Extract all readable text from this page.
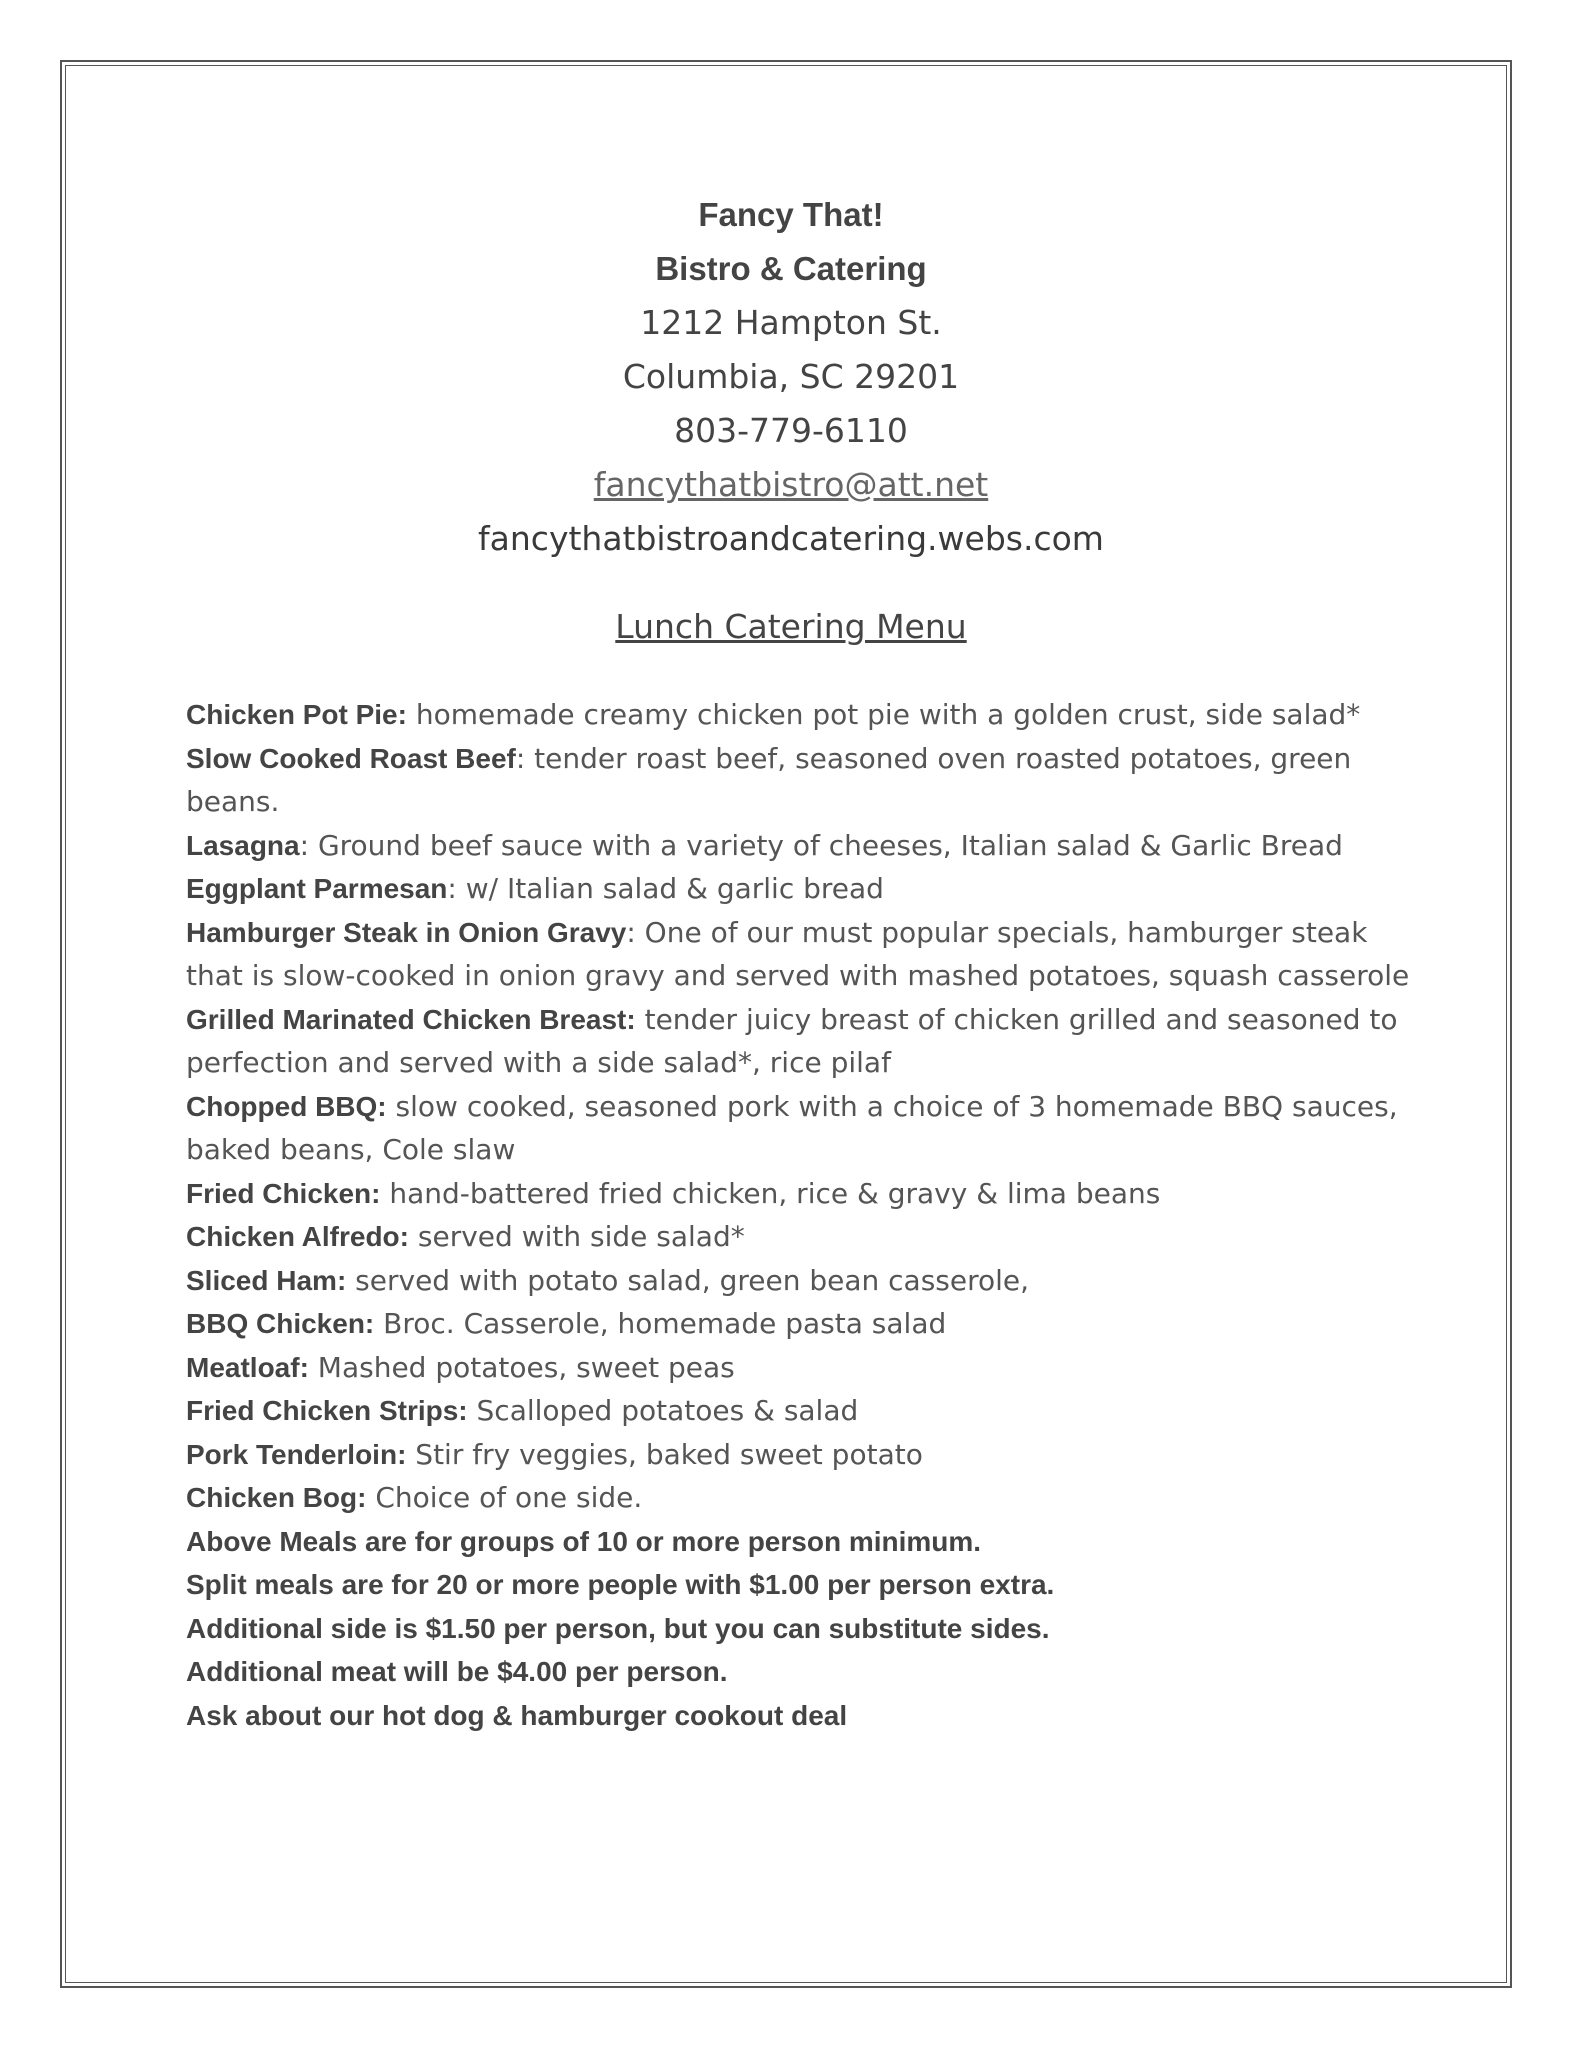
Fancy That!
Bistro & Catering
1212 Hampton St.
Columbia, SC 29201
803-779-6110
fancythatbistro@att.net
fancythatbistroandcatering.webs.com
Lunch Catering Menu

Chicken Pot Pie: homemade creamy chicken pot pie with a golden crust, side salad*

Slow Cooked Roast Beef: tender roast beef, seasoned oven roasted potatoes, green beans.

Lasagna: Ground beef sauce with a variety of cheeses, Italian salad & Garlic Bread

Eggplant Parmesan: w/ Italian salad & garlic bread

Hamburger Steak in Onion Gravy: One of our must popular specials, hamburger steak that is slow-cooked in onion gravy and served with mashed potatoes, squash casserole

Grilled Marinated Chicken Breast: tender juicy breast of chicken grilled and seasoned to perfection and served with a side salad*, rice pilaf

Chopped BBQ: slow cooked, seasoned pork with a choice of 3 homemade BBQ sauces, baked beans, Cole slaw

Fried Chicken: hand-battered fried chicken, rice & gravy & lima beans

Chicken Alfredo: served with side salad*

Sliced Ham: served with potato salad, green bean casserole,

BBQ Chicken: Broc. Casserole, homemade pasta salad

Meatloaf: Mashed potatoes, sweet peas

Fried Chicken Strips: Scalloped potatoes & salad

Pork Tenderloin: Stir fry veggies, baked sweet potato

Chicken Bog: Choice of one side.

Above Meals are for groups of 10 or more person minimum.

Split meals are for 20 or more people with $1.00 per person extra.

Additional side is $1.50 per person, but you can substitute sides.

Additional meat will be $4.00 per person.

Ask about our hot dog & hamburger cookout deal
